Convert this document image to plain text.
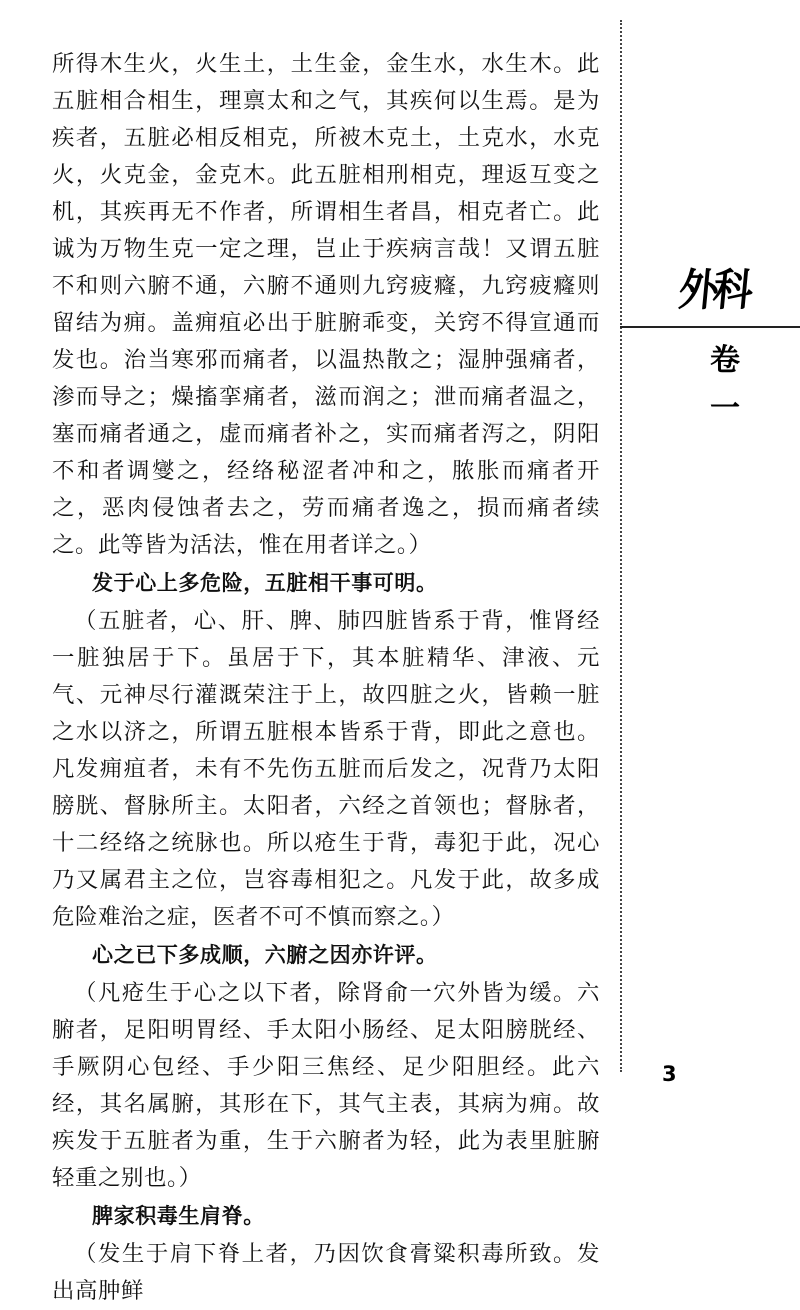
所得木生火，火生土，土生金，金生水，水生木。此五脏相合相生，理禀太和之气，其疾何以生焉。是为疾者，五脏必相反相克，所被木克土，土克水，水克火，火克金，金克木。此五脏相刑相克，理返互变之机，其疾再无不作者，所谓相生者昌，相克者亡。此诚为万物生克一定之理，岂止于疾病言哉！又谓五脏不和则六腑不通，六腑不通则九窍疲癃，九窍疲癃则留结为痈。盖痈疽必出于脏腑乖变，关窍不得宣通而发也。治当寒邪而痛者，以温热散之；湿肿强痛者，渗而导之；燥搐挛痛者，滋而润之；泄而痛者温之，塞而痛者通之，虚而痛者补之，实而痛者泻之，阴阳不和者调燮之，经络秘涩者冲和之，脓胀而痛者开之，恶肉侵蚀者去之，劳而痛者逸之，损而痛者续之。此等皆为活法，惟在用者详之。）

发于心上多危险，五脏相干事可明。

（五脏者，心、肝、脾、肺四脏皆系于背，惟肾经一脏独居于下。虽居于下，其本脏精华、津液、元气、元神尽行灌溉荣注于上，故四脏之火，皆赖一脏之水以济之，所谓五脏根本皆系于背，即此之意也。凡发痈疽者，未有不先伤五脏而后发之，况背乃太阳膀胱、督脉所主。太阳者，六经之首领也；督脉者，十二经络之统脉也。所以疮生于背，毒犯于此，况心乃又属君主之位，岂容毒相犯之。凡发于此，故多成危险难治之症，医者不可不慎而察之。）

心之已下多成顺，六腑之因亦许评。

（凡疮生于心之以下者，除肾俞一穴外皆为缓。六腑者，足阳明胃经、手太阳小肠经、足太阳膀胱经、手厥阴心包经、手少阳三焦经、足少阳胆经。此六经，其名属腑，其形在下，其气主表，其病为痈。故疾发于五脏者为重，生于六腑者为轻，此为表里脏腑轻重之别也。）

脾家积毒生肩脊。

（发生于肩下脊上者，乃因饮食膏粱积毒所致。发出高肿鲜

外科
卷
一
3
